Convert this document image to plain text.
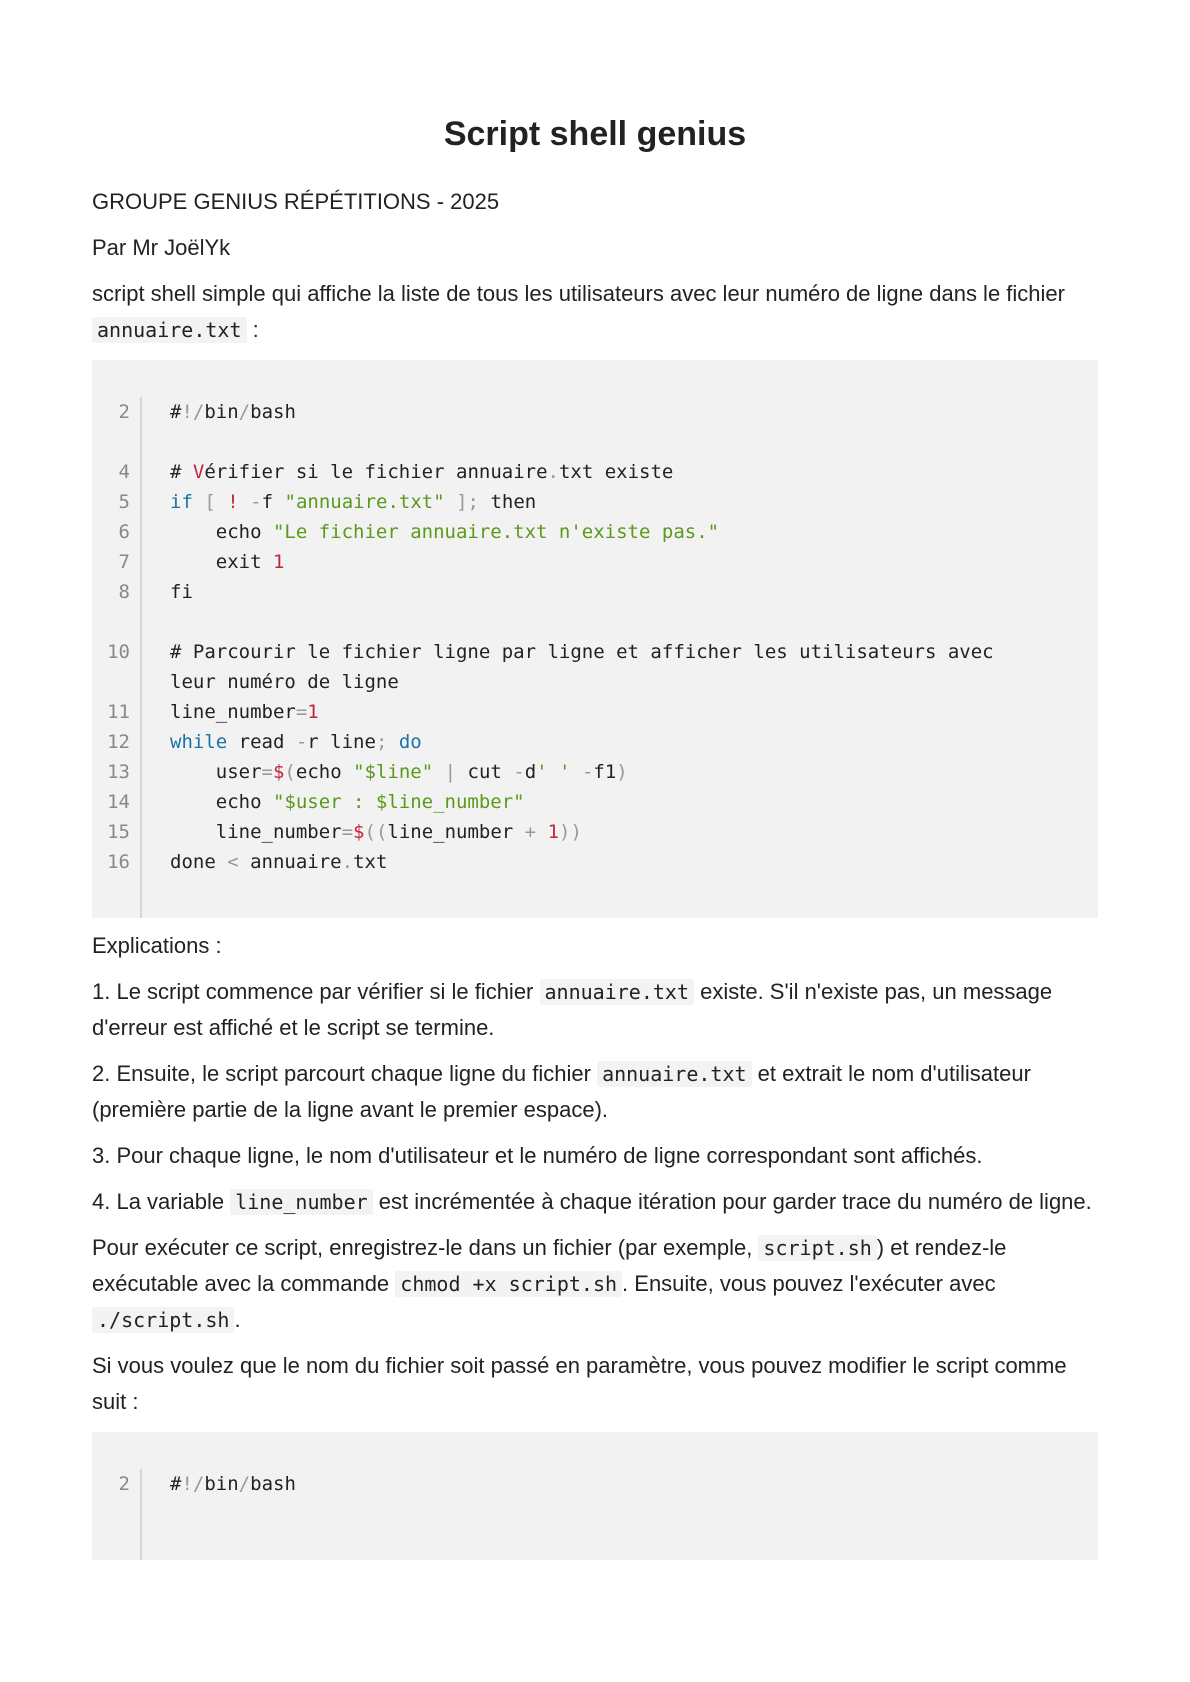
Script shell genius

GROUPE GENIUS RÉPÉTITIONS - 2025

Par Mr JoëlYk

script shell simple qui affiche la liste de tous les utilisateurs avec leur numéro de ligne dans le fichier annuaire.txt :

2
4
5
6
7
8
10
11
12
13
14
15
16
#!/bin/bash

# Vérifier si le fichier annuaire.txt existe
if [ ! -f "annuaire.txt" ]; then
echo "Le fichier annuaire.txt n'existe pas."
exit 1
fi

# Parcourir le fichier ligne par ligne et afficher les utilisateurs avec
leur numéro de ligne
line_number=1
while read -r line; do
user=$(echo "$line" | cut -d' ' -f1)
echo "$user : $line_number"
line_number=$((line_number + 1))
done < annuaire.txt

Explications :

1. Le script commence par vérifier si le fichier annuaire.txt existe. S'il n'existe pas, un message d'erreur est affiché et le script se termine.

2. Ensuite, le script parcourt chaque ligne du fichier annuaire.txt et extrait le nom d'utilisateur (première partie de la ligne avant le premier espace).

3. Pour chaque ligne, le nom d'utilisateur et le numéro de ligne correspondant sont affichés.

4. La variable line_number est incrémentée à chaque itération pour garder trace du numéro de ligne.

Pour exécuter ce script, enregistrez-le dans un fichier (par exemple, script.sh ) et rendez-le exécutable avec la commande chmod +x script.sh . Ensuite, vous pouvez l'exécuter avec ./script.sh .

Si vous voulez que le nom du fichier soit passé en paramètre, vous pouvez modifier le script comme suit :

2	#!/bin/bash
